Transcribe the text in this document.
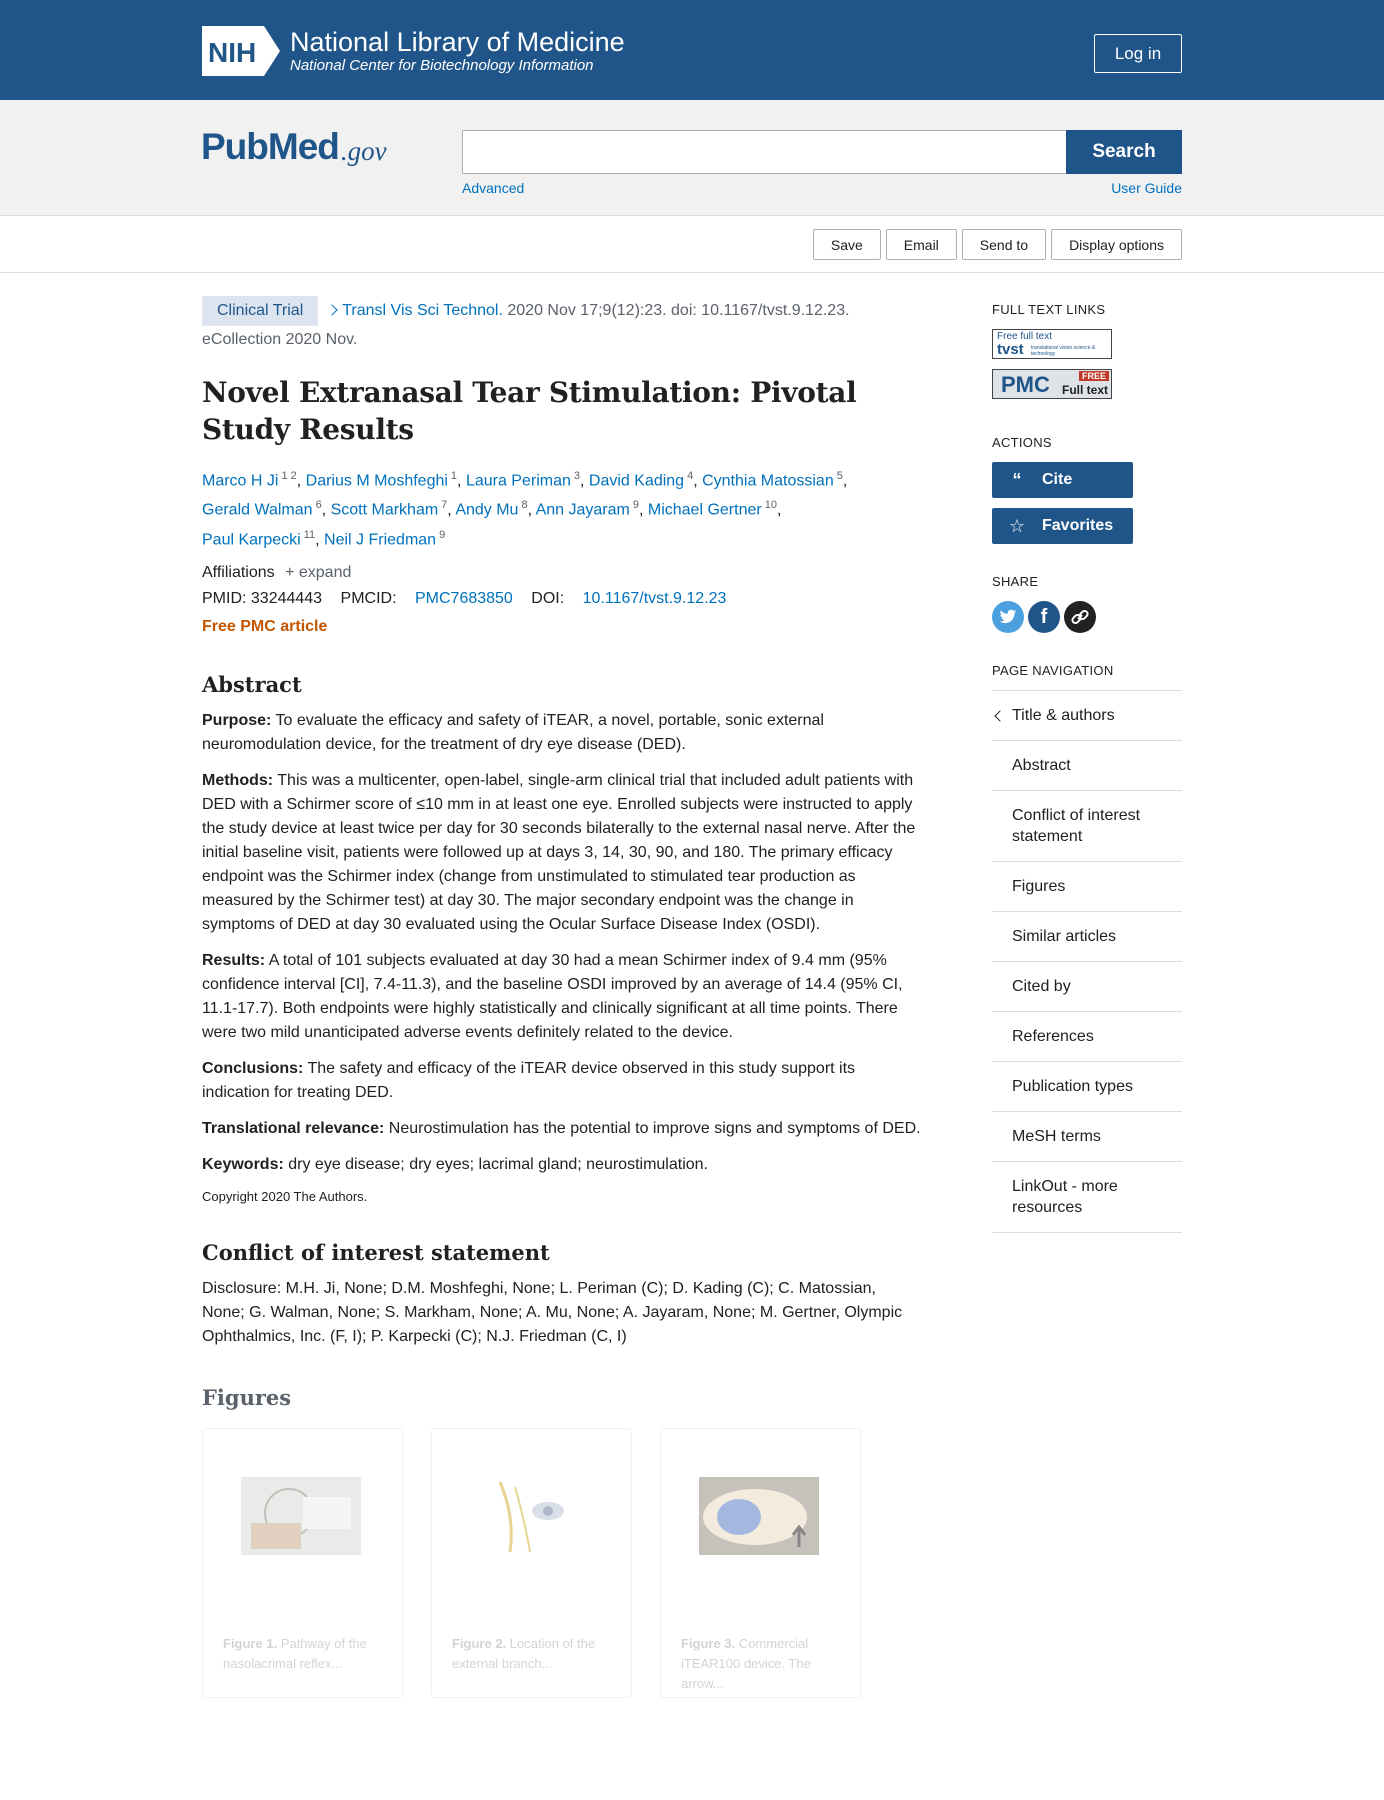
NIH National Library of Medicine
National Center for Biotechnology Information
Log in
PubMed .gov	Search
Advanced	User Guide
Save	Email	Send to	Display options
Clinical Trial Transl Vis Sci Technol. 2020 Nov 17;9(12):23. doi: 10.1167/tvst.9.12.23.
eCollection 2020 Nov.
Novel Extranasal Tear Stimulation: Pivotal Study Results
Marco H Ji $^{1 2}$, Darius M Moshfeghi $^1$, Laura Periman $^3$, David Kading $^4$, Cynthia Matossian $^5$,
Gerald Walman $^6$, Scott Markham $^7$, Andy Mu $^8$, Ann Jayaram $^9$, Michael Gertner $^{10}$,
Paul Karpecki $^{11}$, Neil J Friedman $^9$
Affiliations + expand
PMID: 33244443 PMCID: PMC7683850 DOI: 10.1167/tvst.9.12.23
Free PMC article
Abstract

Purpose: To evaluate the efficacy and safety of iTEAR, a novel, portable, sonic external neuromodulation device, for the treatment of dry eye disease (DED).

Methods: This was a multicenter, open-label, single-arm clinical trial that included adult patients with DED with a Schirmer score of ≤10 mm in at least one eye. Enrolled subjects were instructed to apply the study device at least twice per day for 30 seconds bilaterally to the external nasal nerve. After the initial baseline visit, patients were followed up at days 3, 14, 30, 90, and 180. The primary efficacy endpoint was the Schirmer index (change from unstimulated to stimulated tear production as measured by the Schirmer test) at day 30. The major secondary endpoint was the change in symptoms of DED at day 30 evaluated using the Ocular Surface Disease Index (OSDI).

Results: A total of 101 subjects evaluated at day 30 had a mean Schirmer index of 9.4 mm (95% confidence interval [CI], 7.4-11.3), and the baseline OSDI improved by an average of 14.4 (95% CI, 11.1-17.7). Both endpoints were highly statistically and clinically significant at all time points. There were two mild unanticipated adverse events definitely related to the device.

Conclusions: The safety and efficacy of the iTEAR device observed in this study support its indication for treating DED.

Translational relevance: Neurostimulation has the potential to improve signs and symptoms of DED.

Keywords: dry eye disease; dry eyes; lacrimal gland; neurostimulation.

Copyright 2020 The Authors.

Conflict of interest statement

Disclosure: M.H. Ji, None; D.M. Moshfeghi, None; L. Periman (C); D. Kading (C); C. Matossian, None; G. Walman, None; S. Markham, None; A. Mu, None; A. Jayaram, None; M. Gertner, Olympic Ophthalmics, Inc. (F, I); P. Karpecki (C); N.J. Friedman (C, I)

Figures
Figure 1. Pathway of the nasolacrimal reflex...
Figure 2. Location of the external branch...
Figure 3. Commercial iTEAR100 device. The arrow...
FULL TEXT LINKS
Free full text
tvst translational vision science & technology
PMC	FREE
Full text
ACTIONS
“	Cite
☆	Favorites
SHARE
f
PAGE NAVIGATION
Title & authors
Abstract
Conflict of interest statement
Figures
Similar articles
Cited by
References
Publication types
MeSH terms
LinkOut - more resources
